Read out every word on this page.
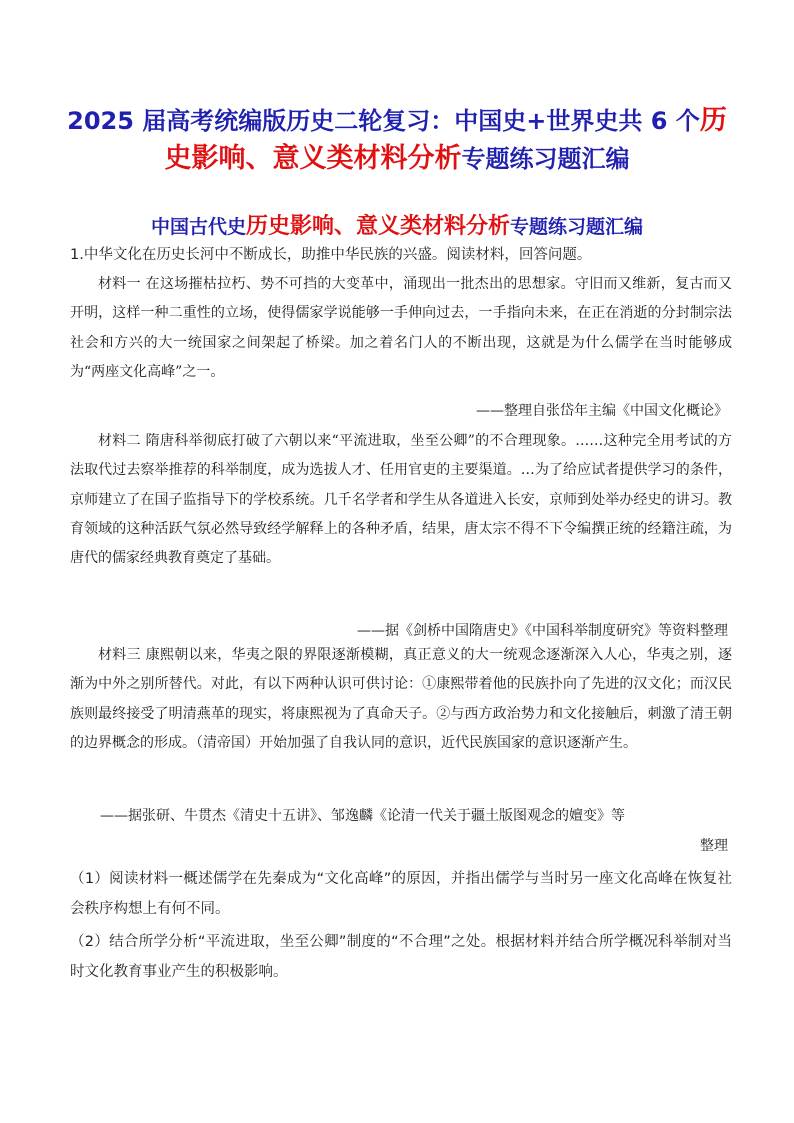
2025 届高考统编版历史二轮复习：中国史+世界史共 6 个历
史影响、意义类材料分析专题练习题汇编
中国古代史历史影响、意义类材料分析专题练习题汇编
1.中华文化在历史长河中不断成长，助推中华民族的兴盛。阅读材料，回答问题。
材料一 在这场摧枯拉朽、势不可挡的大变革中，涌现出一批杰出的思想家。守旧而又维新，复古而又开明，这样一种二重性的立场，使得儒家学说能够一手伸向过去，一手指向未来，在正在消逝的分封制宗法社会和方兴的大一统国家之间架起了桥梁。加之着名门人的不断出现，这就是为什么儒学在当时能够成为“两座文化高峰”之一。
——整理自张岱年主编《中国文化概论》
材料二 隋唐科举彻底打破了六朝以来“平流进取，坐至公卿”的不合理现象。……这种完全用考试的方法取代过去察举推荐的科举制度，成为选拔人才、任用官吏的主要渠道。…为了给应试者提供学习的条件，京师建立了在国子监指导下的学校系统。几千名学者和学生从各道进入长安，京师到处举办经史的讲习。教育领域的这种活跃气氛必然导致经学解释上的各种矛盾，结果，唐太宗不得不下令编撰正统的经籍注疏，为唐代的儒家经典教育奠定了基础。
——据《剑桥中国隋唐史》《中国科举制度研究》等资料整理
材料三 康熙朝以来，华夷之限的界限逐渐模糊，真正意义的大一统观念逐渐深入人心，华夷之别，逐渐为中外之别所替代。对此，有以下两种认识可供讨论：①康熙带着他的民族扑向了先进的汉文化；而汉民族则最终接受了明清燕革的现实，将康熙视为了真命天子。②与西方政治势力和文化接触后，刺激了清王朝的边界概念的形成。（清帝国）开始加强了自我认同的意识，近代民族国家的意识逐渐产生。
——据张研、牛贯杰《清史十五讲》、邹逸麟《论清一代关于疆土版图观念的嬗变》等
整理
（1）阅读材料一概述儒学在先秦成为“文化高峰”的原因，并指出儒学与当时另一座文化高峰在恢复社会秩序构想上有何不同。
（2）结合所学分析“平流进取，坐至公卿”制度的“不合理”之处。根据材料并结合所学概况科举制对当时文化教育事业产生的积极影响。
